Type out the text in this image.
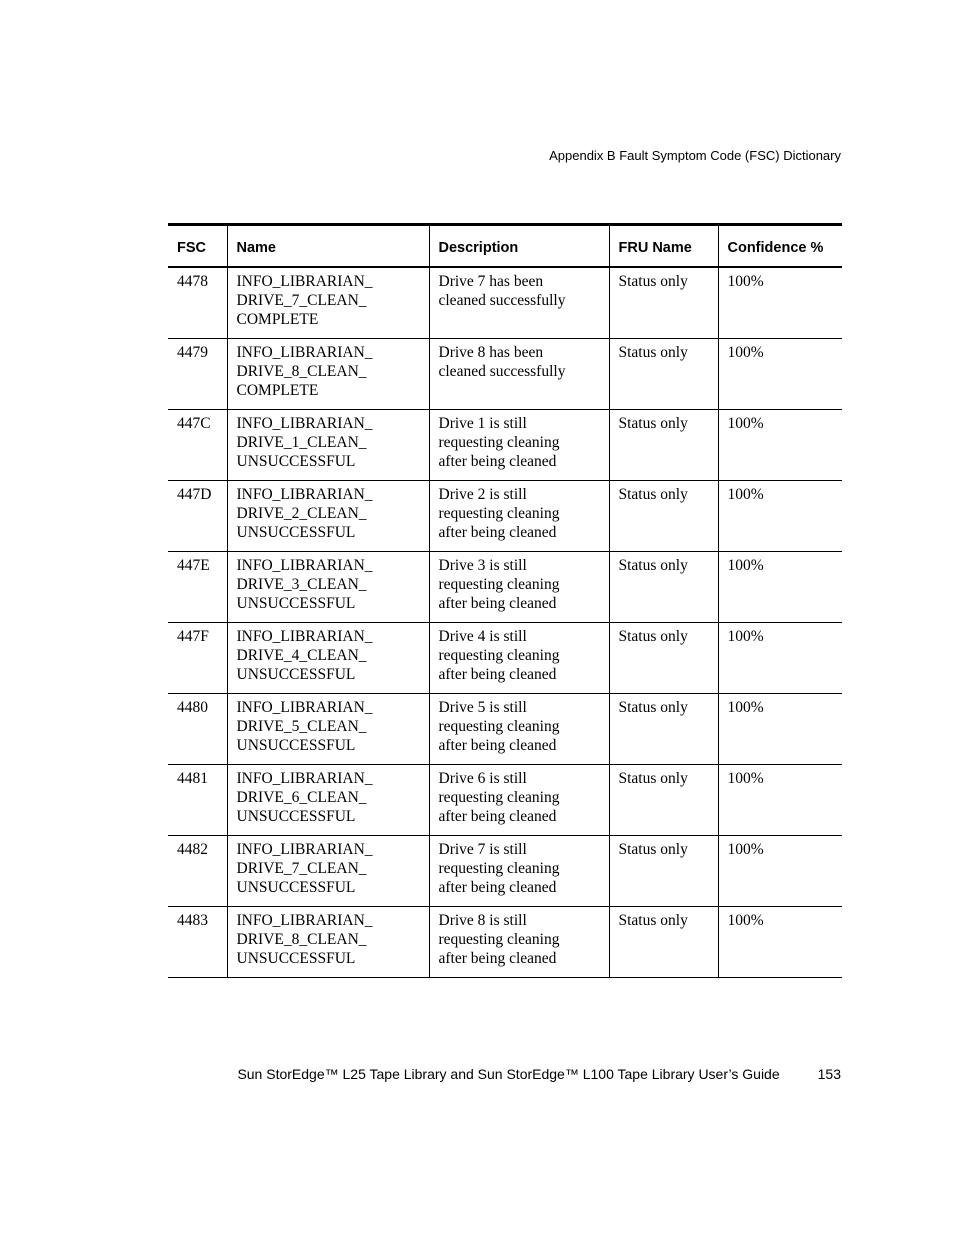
Appendix B Fault Symptom Code (FSC) Dictionary
FSC	Name	Description	FRU Name	Confidence %
4478	INFO_LIBRARIAN_
DRIVE_7_CLEAN_
COMPLETE	Drive 7 has been
cleaned successfully	Status only	100%
4479	INFO_LIBRARIAN_
DRIVE_8_CLEAN_
COMPLETE	Drive 8 has been
cleaned successfully	Status only	100%
447C	INFO_LIBRARIAN_
DRIVE_1_CLEAN_
UNSUCCESSFUL	Drive 1 is still
requesting cleaning
after being cleaned	Status only	100%
447D	INFO_LIBRARIAN_
DRIVE_2_CLEAN_
UNSUCCESSFUL	Drive 2 is still
requesting cleaning
after being cleaned	Status only	100%
447E	INFO_LIBRARIAN_
DRIVE_3_CLEAN_
UNSUCCESSFUL	Drive 3 is still
requesting cleaning
after being cleaned	Status only	100%
447F	INFO_LIBRARIAN_
DRIVE_4_CLEAN_
UNSUCCESSFUL	Drive 4 is still
requesting cleaning
after being cleaned	Status only	100%
4480	INFO_LIBRARIAN_
DRIVE_5_CLEAN_
UNSUCCESSFUL	Drive 5 is still
requesting cleaning
after being cleaned	Status only	100%
4481	INFO_LIBRARIAN_
DRIVE_6_CLEAN_
UNSUCCESSFUL	Drive 6 is still
requesting cleaning
after being cleaned	Status only	100%
4482	INFO_LIBRARIAN_
DRIVE_7_CLEAN_
UNSUCCESSFUL	Drive 7 is still
requesting cleaning
after being cleaned	Status only	100%
4483	INFO_LIBRARIAN_
DRIVE_8_CLEAN_
UNSUCCESSFUL	Drive 8 is still
requesting cleaning
after being cleaned	Status only	100%
Sun StorEdge™ L25 Tape Library and Sun StorEdge™ L100 Tape Library User’s Guide	153
